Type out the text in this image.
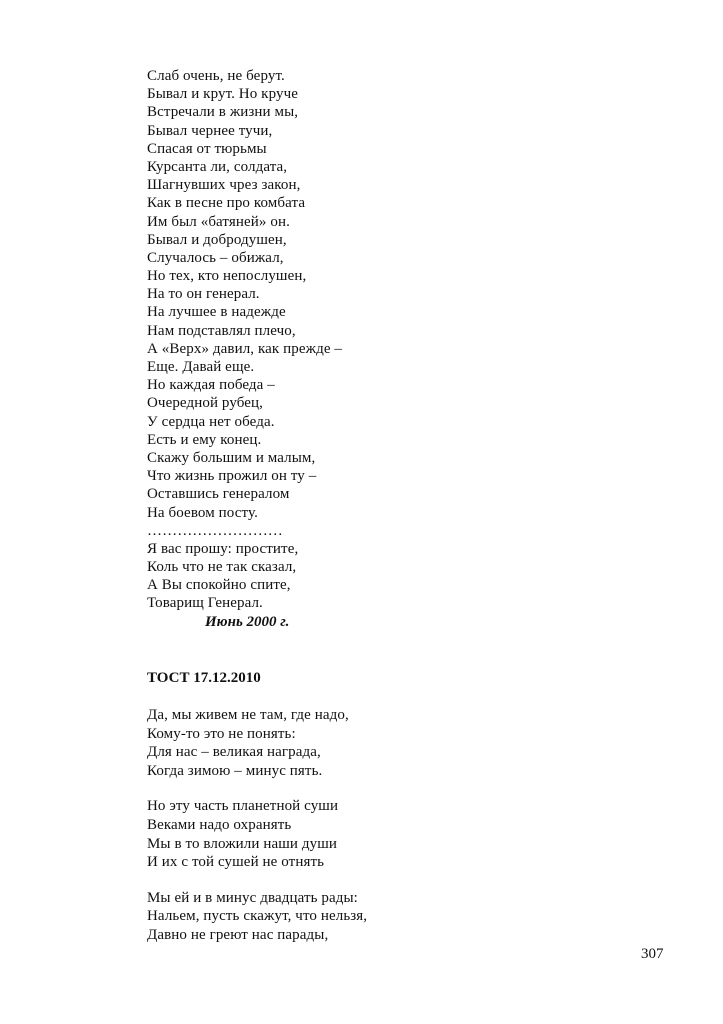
Слаб очень, не берут.
Бывал и крут. Но круче
Встречали в жизни мы,
Бывал чернее тучи,
Спасая от тюрьмы
Курсанта ли, солдата,
Шагнувших чрез закон,
Как в песне про комбата
Им был «батяней» он.
Бывал и добродушен,
Случалось – обижал,
Но тех, кто непослушен,
На то он генерал.
На лучшее в надежде
Нам подставлял плечо,
А «Верх» давил, как прежде –
Еще. Давай еще.
Но каждая победа –
Очередной рубец,
У сердца нет обеда.
Есть и ему конец.
Скажу большим и малым,
Что жизнь прожил он ту –
Оставшись генералом
На боевом посту.
………………………
Я вас прошу: простите,
Коль что не так сказал,
А Вы спокойно спите,
Товарищ Генерал.
Июнь 2000 г.
ТОСТ 17.12.2010
Да, мы живем не там, где надо,
Кому-то это не понять:
Для нас – великая награда,
Когда зимою – минус пять.
Но эту часть планетной суши
Веками надо охранять
Мы в то вложили наши души
И их с той сушей не отнять
Мы ей и в минус двадцать рады:
Нальем, пусть скажут, что нельзя,
Давно не греют нас парады,
307
